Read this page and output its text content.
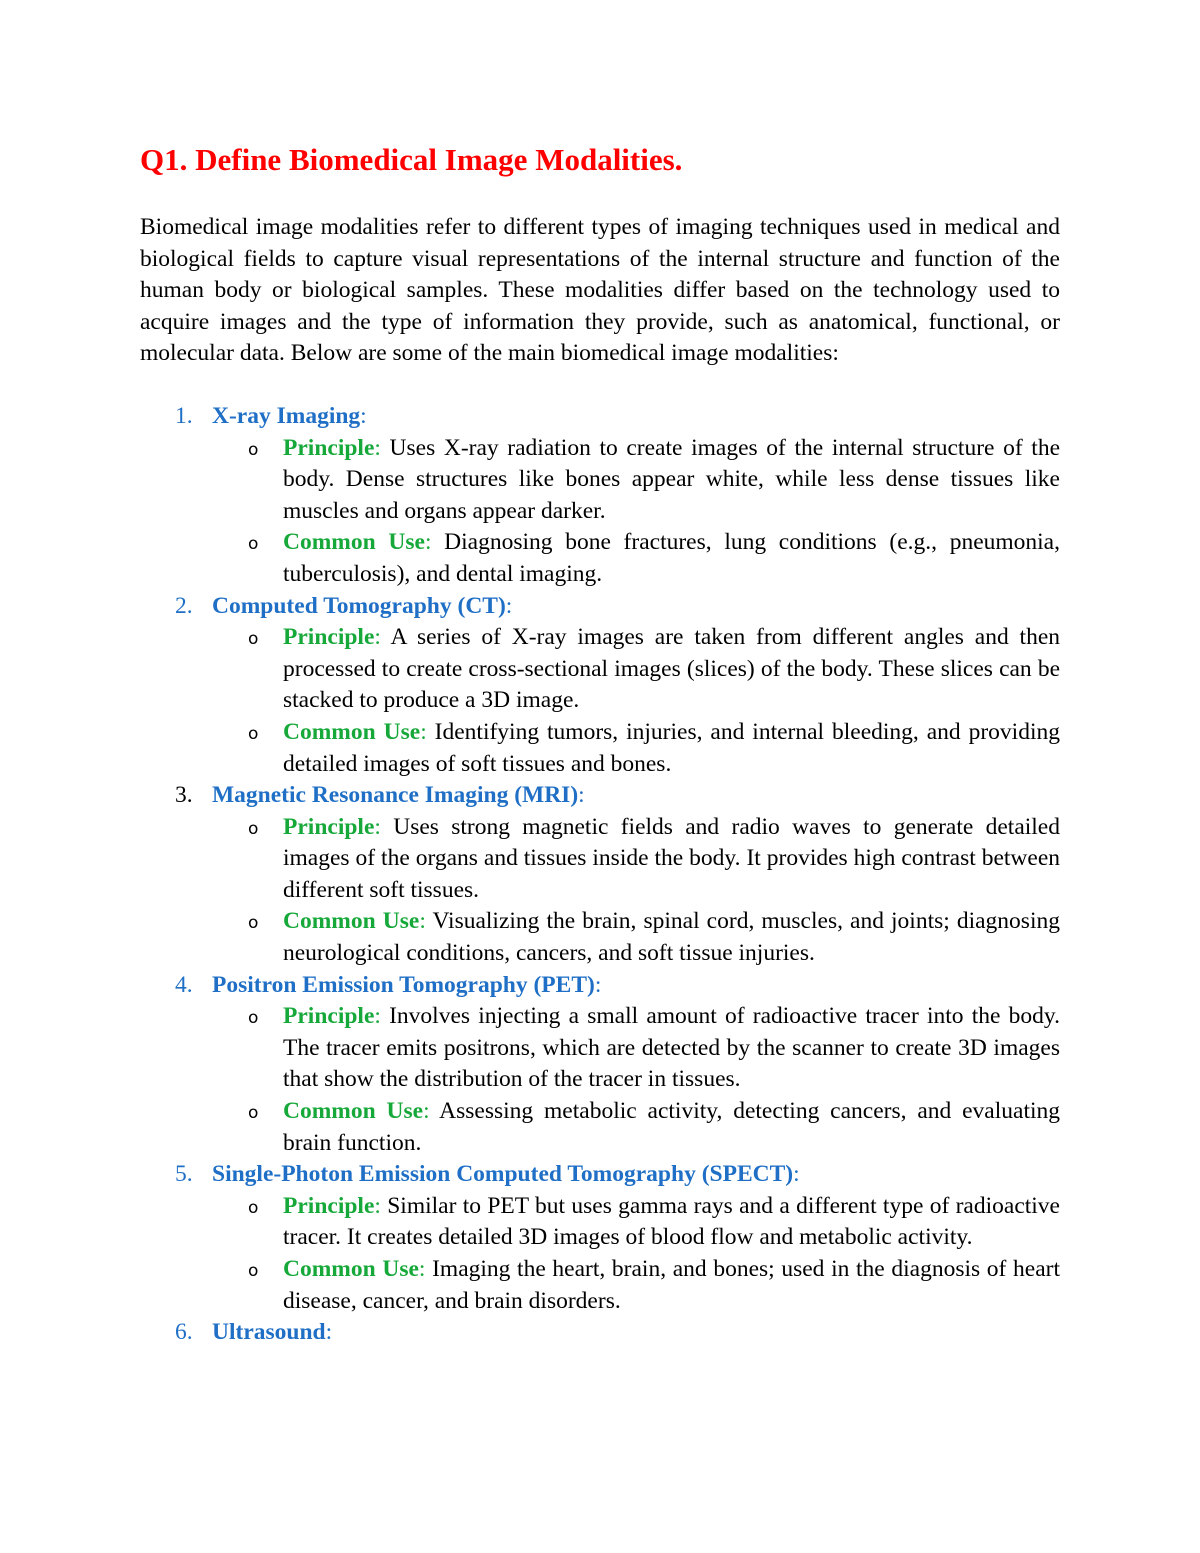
Q1. Define Biomedical Image Modalities.

Biomedical image modalities refer to different types of imaging techniques used in medical and biological fields to capture visual representations of the internal structure and function of the human body or biological samples. These modalities differ based on the technology used to acquire images and the type of information they provide, such as anatomical, functional, or molecular data. Below are some of the main biomedical image modalities:

1. X-ray Imaging:
o Principle: Uses X-ray radiation to create images of the internal structure of the body. Dense structures like bones appear white, while less dense tissues like muscles and organs appear darker.
o Common Use: Diagnosing bone fractures, lung conditions (e.g., pneumonia, tuberculosis), and dental imaging.
2. Computed Tomography (CT):
o Principle: A series of X-ray images are taken from different angles and then processed to create cross-sectional images (slices) of the body. These slices can be stacked to produce a 3D image.
o Common Use: Identifying tumors, injuries, and internal bleeding, and providing detailed images of soft tissues and bones.
3. Magnetic Resonance Imaging (MRI):
o Principle: Uses strong magnetic fields and radio waves to generate detailed images of the organs and tissues inside the body. It provides high contrast between different soft tissues.
o Common Use: Visualizing the brain, spinal cord, muscles, and joints; diagnosing neurological conditions, cancers, and soft tissue injuries.
4. Positron Emission Tomography (PET):
o Principle: Involves injecting a small amount of radioactive tracer into the body. The tracer emits positrons, which are detected by the scanner to create 3D images that show the distribution of the tracer in tissues.
o Common Use: Assessing metabolic activity, detecting cancers, and evaluating brain function.
5. Single-Photon Emission Computed Tomography (SPECT):
o Principle: Similar to PET but uses gamma rays and a different type of radioactive tracer. It creates detailed 3D images of blood flow and metabolic activity.
o Common Use: Imaging the heart, brain, and bones; used in the diagnosis of heart disease, cancer, and brain disorders.
6. Ultrasound:
